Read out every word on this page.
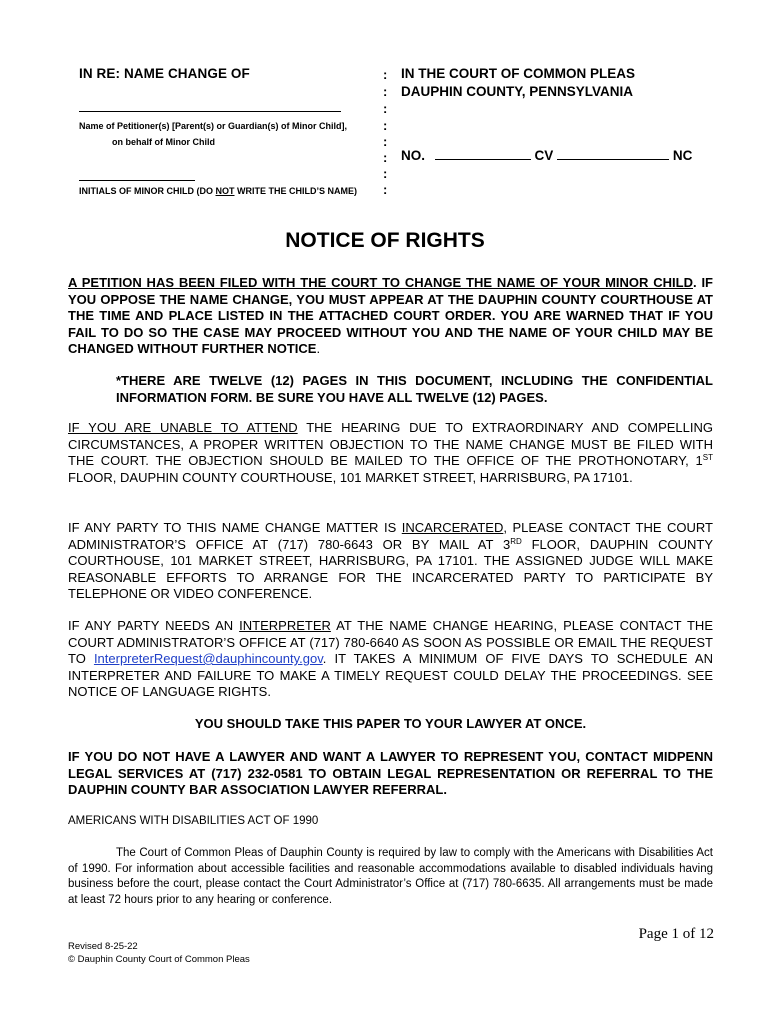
IN RE: NAME CHANGE OF
Name of Petitioner(s) [Parent(s) or Guardian(s) of Minor Child],
on behalf of Minor Child
INITIALS OF MINOR CHILD (DO NOT WRITE THE CHILD’S NAME)
:
:
:
:
:
:
:
:
IN THE COURT OF COMMON PLEAS
DAUPHIN COUNTY, PENNSYLVANIA
NO.	CV	NC
NOTICE OF RIGHTS
A PETITION HAS BEEN FILED WITH THE COURT TO CHANGE THE NAME OF YOUR MINOR CHILD. IF YOU OPPOSE THE NAME CHANGE, YOU MUST APPEAR AT THE DAUPHIN COUNTY COURTHOUSE AT THE TIME AND PLACE LISTED IN THE ATTACHED COURT ORDER. YOU ARE WARNED THAT IF YOU FAIL TO DO SO THE CASE MAY PROCEED WITHOUT YOU AND THE NAME OF YOUR CHILD MAY BE CHANGED WITHOUT FURTHER NOTICE.
*THERE ARE TWELVE (12) PAGES IN THIS DOCUMENT, INCLUDING THE CONFIDENTIAL INFORMATION FORM. BE SURE YOU HAVE ALL TWELVE (12) PAGES.
IF YOU ARE UNABLE TO ATTEND THE HEARING DUE TO EXTRAORDINARY AND COMPELLING CIRCUMSTANCES, A PROPER WRITTEN OBJECTION TO THE NAME CHANGE MUST BE FILED WITH THE COURT. THE OBJECTION SHOULD BE MAILED TO THE OFFICE OF THE PROTHONOTARY, 1ST FLOOR, DAUPHIN COUNTY COURTHOUSE, 101 MARKET STREET, HARRISBURG, PA 17101.
IF ANY PARTY TO THIS NAME CHANGE MATTER IS INCARCERATED, PLEASE CONTACT THE COURT ADMINISTRATOR’S OFFICE AT (717) 780-6643 OR BY MAIL AT 3RD FLOOR, DAUPHIN COUNTY COURTHOUSE, 101 MARKET STREET, HARRISBURG, PA 17101. THE ASSIGNED JUDGE WILL MAKE REASONABLE EFFORTS TO ARRANGE FOR THE INCARCERATED PARTY TO PARTICIPATE BY TELEPHONE OR VIDEO CONFERENCE.
IF ANY PARTY NEEDS AN INTERPRETER AT THE NAME CHANGE HEARING, PLEASE CONTACT THE COURT ADMINISTRATOR’S OFFICE AT (717) 780-6640 AS SOON AS POSSIBLE OR EMAIL THE REQUEST TO InterpreterRequest@dauphincounty.gov. IT TAKES A MINIMUM OF FIVE DAYS TO SCHEDULE AN INTERPRETER AND FAILURE TO MAKE A TIMELY REQUEST COULD DELAY THE PROCEEDINGS. SEE NOTICE OF LANGUAGE RIGHTS.
YOU SHOULD TAKE THIS PAPER TO YOUR LAWYER AT ONCE.
IF YOU DO NOT HAVE A LAWYER AND WANT A LAWYER TO REPRESENT YOU, CONTACT MIDPENN LEGAL SERVICES AT (717) 232-0581 TO OBTAIN LEGAL REPRESENTATION OR REFERRAL TO THE DAUPHIN COUNTY BAR ASSOCIATION LAWYER REFERRAL.
AMERICANS WITH DISABILITIES ACT OF 1990
The Court of Common Pleas of Dauphin County is required by law to comply with the Americans with Disabilities Act of 1990. For information about accessible facilities and reasonable accommodations available to disabled individuals having business before the court, please contact the Court Administrator’s Office at (717) 780-6635. All arrangements must be made at least 72 hours prior to any hearing or conference.
Page 1 of 12
Revised 8-25-22
© Dauphin County Court of Common Pleas
